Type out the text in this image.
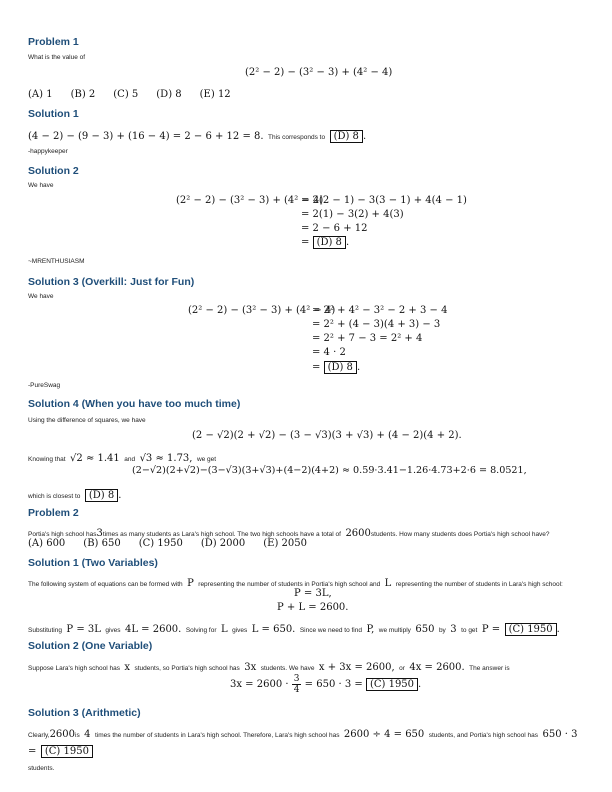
Problem 1
What is the value of
(2² − 2) − (3² − 3) + (4² − 4)
(A) 1 (B) 2 (C) 5 (D) 8 (E) 12
Solution 1
(4 − 2) − (9 − 3) + (16 − 4) = 2 − 6 + 12 = 8. This corresponds to (D) 8 .
-happykeeper
Solution 2
We have
(2² − 2) − (3² − 3) + (4² − 4)
= 2(2 − 1) − 3(3 − 1) + 4(4 − 1)
= 2(1) − 3(2) + 4(3)
= 2 − 6 + 12
= (D) 8 .
~MRENTHUSIASM
Solution 3 (Overkill: Just for Fun)
We have
(2² − 2) − (3² − 3) + (4² − 4)
= 2² + 4² − 3² − 2 + 3 − 4
= 2² + (4 − 3)(4 + 3) − 3
= 2² + 7 − 3 = 2² + 4
= 4 · 2
= (D) 8 .
-PureSwag
Solution 4 (When you have too much time)
Using the difference of squares, we have
(2 − √2)(2 + √2) − (3 − √3)(3 + √3) + (4 − 2)(4 + 2).
Knowing that √2 ≈ 1.41 and √3 ≈ 1.73, we get
(2−√2)(2+√2)−(3−√3)(3+√3)+(4−2)(4+2) ≈ 0.59·3.41−1.26·4.73+2·6 = 8.0521,
which is closest to (D) 8 .
Problem 2
Portia's high school has3times as many students as Lara's high school. The two high schools have a total of 2600students. How many students does Portia's high school have?
(A) 600 (B) 650 (C) 1950 (D) 2000 (E) 2050
Solution 1 (Two Variables)
The following system of equations can be formed with P representing the number of students in Portia's high school and L representing the number of students in Lara's high school:
P = 3L,
P + L = 2600.
Substituting P = 3L gives 4L = 2600. Solving for L gives L = 650. Since we need to find P, we multiply 650 by 3 to get P = (C) 1950 .
Solution 2 (One Variable)
Suppose Lara's high school has x students, so Portia's high school has 3x students. We have x + 3x = 2600, or 4x = 2600. The answer is
$3x = 2600 \cdot \frac{3}{4} = 650 \cdot 3 = (C)$ 1950 .
Solution 3 (Arithmetic)
Clearly,2600is 4 times the number of students in Lara's high school. Therefore, Lara's high school has 2600 ÷ 4 = 650 students, and Portia's high school has 650 · 3 = (C) 1950
students.
